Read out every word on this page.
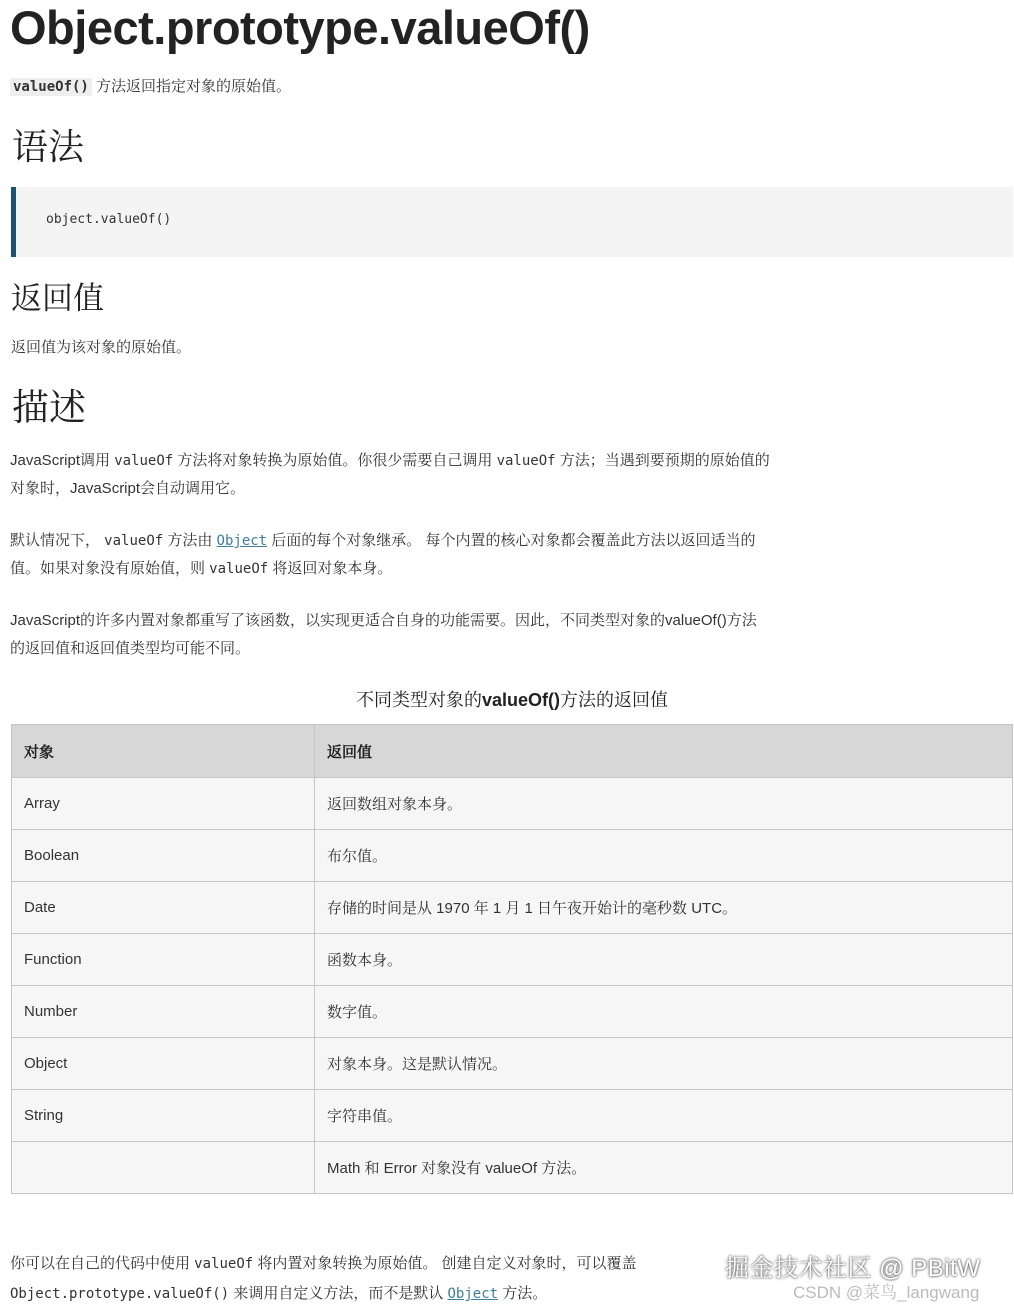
Object.prototype.valueOf()
valueOf() 方法返回指定对象的原始值。
语法
object.valueOf()
返回值
返回值为该对象的原始值。
描述
JavaScript调用 valueOf 方法将对象转换为原始值。你很少需要自己调用 valueOf 方法；当遇到要预期的原始值的对象时，JavaScript会自动调用它。
默认情况下， valueOf 方法由 Object 后面的每个对象继承。 每个内置的核心对象都会覆盖此方法以返回适当的值。如果对象没有原始值，则 valueOf 将返回对象本身。
JavaScript的许多内置对象都重写了该函数，以实现更适合自身的功能需要。因此，不同类型对象的valueOf()方法的返回值和返回值类型均可能不同。
不同类型对象的valueOf()方法的返回值
对象	返回值
Array	返回数组对象本身。
Boolean	布尔值。
Date	存储的时间是从 1970 年 1 月 1 日午夜开始计的毫秒数 UTC。
Function	函数本身。
Number	数字值。
Object	对象本身。这是默认情况。
String	字符串值。
	Math 和 Error 对象没有 valueOf 方法。
你可以在自己的代码中使用 valueOf 将内置对象转换为原始值。 创建自定义对象时，可以覆盖 Object.prototype.valueOf() 来调用自定义方法，而不是默认 Object 方法。
掘金技术社区 @ PBitW
CSDN @菜鸟_langwang
